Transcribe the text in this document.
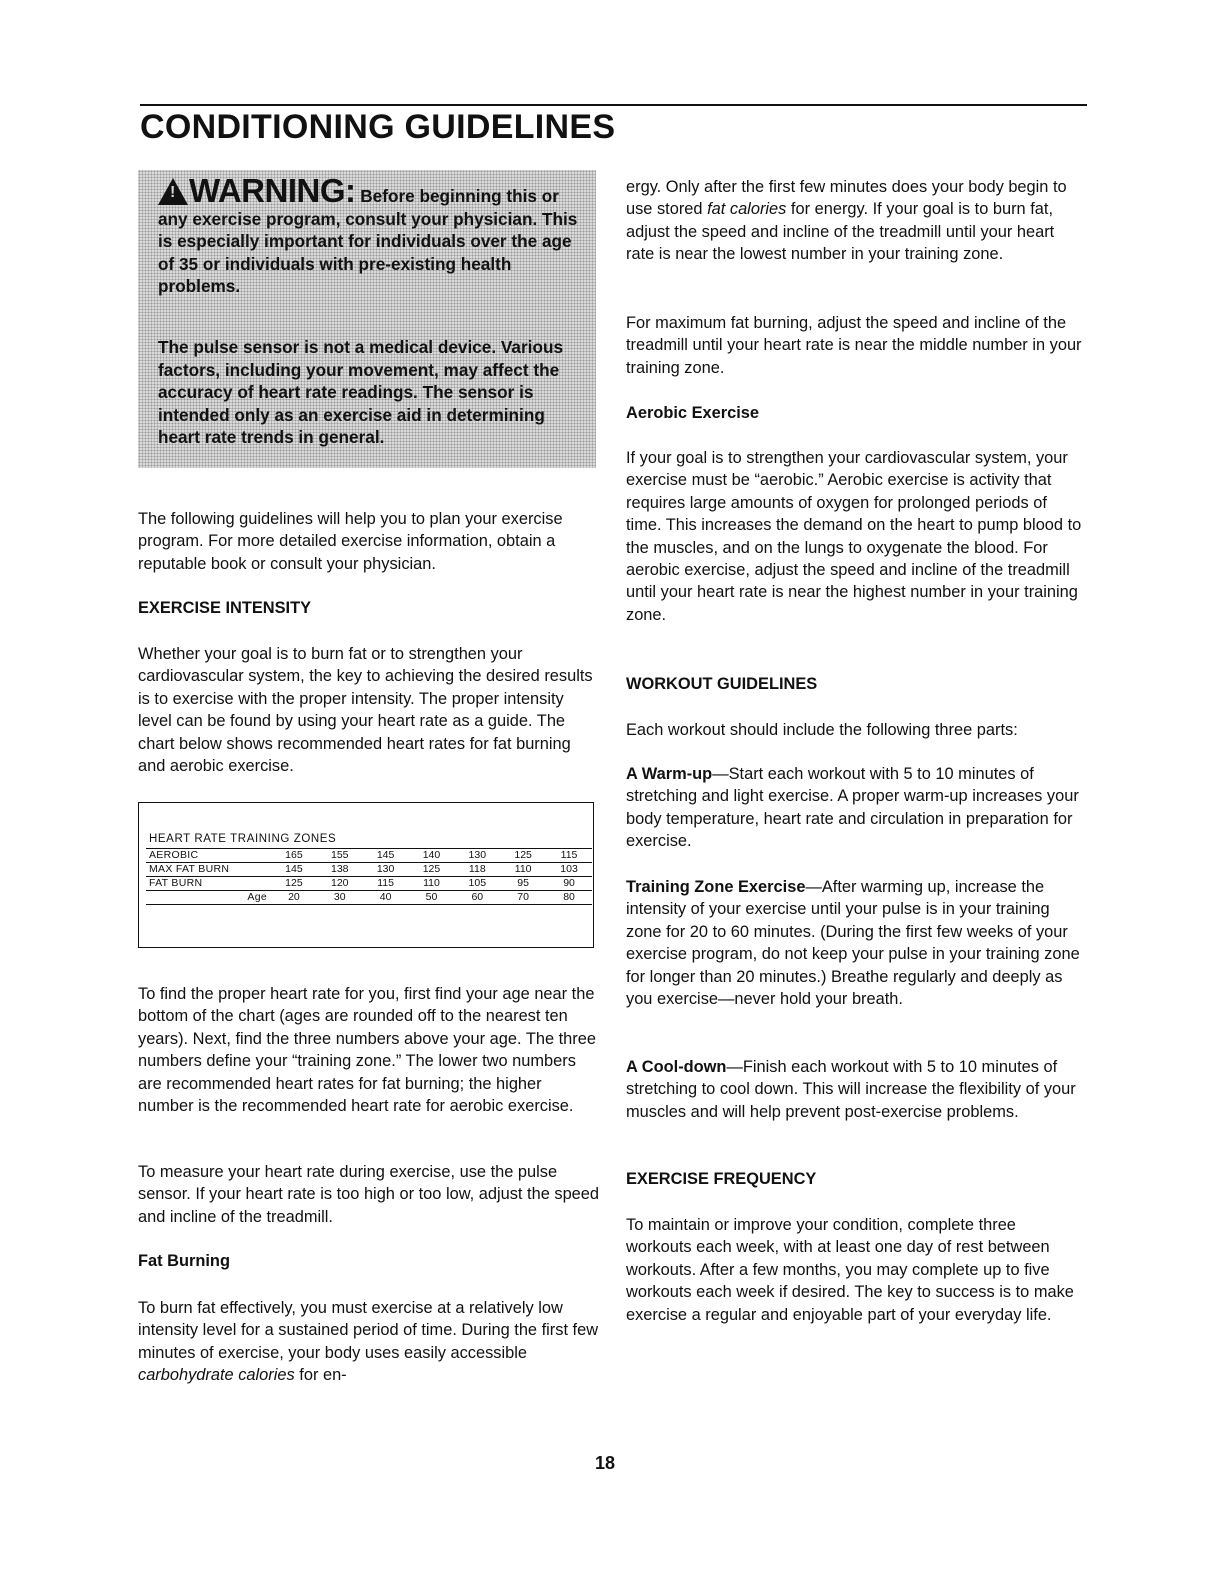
CONDITIONING GUIDELINES
!WARNING: Before beginning this or any exercise program, consult your physician. This is especially important for individuals over the age of 35 or individuals with pre-existing health problems.
The pulse sensor is not a medical device. Various factors, including your movement, may affect the accuracy of heart rate readings. The sensor is intended only as an exercise aid in determining heart rate trends in general.

The following guidelines will help you to plan your exercise program. For more detailed exercise information, obtain a reputable book or consult your physician.

EXERCISE INTENSITY

Whether your goal is to burn fat or to strengthen your cardiovascular system, the key to achieving the desired results is to exercise with the proper intensity. The proper intensity level can be found by using your heart rate as a guide. The chart below shows recommended heart rates for fat burning and aerobic exercise.

HEART RATE TRAINING ZONES
AEROBIC	165	155	145	140	130	125	115
MAX FAT BURN	145	138	130	125	118	110	103
FAT BURN	125	120	115	110	105	95	90
Age	20	30	40	50	60	70	80

To find the proper heart rate for you, first find your age near the bottom of the chart (ages are rounded off to the nearest ten years). Next, find the three numbers above your age. The three numbers define your “training zone.” The lower two numbers are recommended heart rates for fat burning; the higher number is the recommended heart rate for aerobic exercise.

To measure your heart rate during exercise, use the pulse sensor. If your heart rate is too high or too low, adjust the speed and incline of the treadmill.

Fat Burning

To burn fat effectively, you must exercise at a relatively low intensity level for a sustained period of time. During the first few minutes of exercise, your body uses easily accessible carbohydrate calories for en-

ergy. Only after the first few minutes does your body begin to use stored fat calories for energy. If your goal is to burn fat, adjust the speed and incline of the treadmill until your heart rate is near the lowest number in your training zone.

For maximum fat burning, adjust the speed and incline of the treadmill until your heart rate is near the middle number in your training zone.

Aerobic Exercise

If your goal is to strengthen your cardiovascular system, your exercise must be “aerobic.” Aerobic exercise is activity that requires large amounts of oxygen for prolonged periods of time. This increases the demand on the heart to pump blood to the muscles, and on the lungs to oxygenate the blood. For aerobic exercise, adjust the speed and incline of the treadmill until your heart rate is near the highest number in your training zone.

WORKOUT GUIDELINES

Each workout should include the following three parts:

A Warm-up—Start each workout with 5 to 10 minutes of stretching and light exercise. A proper warm-up increases your body temperature, heart rate and circulation in preparation for exercise.

Training Zone Exercise—After warming up, increase the intensity of your exercise until your pulse is in your training zone for 20 to 60 minutes. (During the first few weeks of your exercise program, do not keep your pulse in your training zone for longer than 20 minutes.) Breathe regularly and deeply as you exercise—never hold your breath.

A Cool-down—Finish each workout with 5 to 10 minutes of stretching to cool down. This will increase the flexibility of your muscles and will help prevent post-exercise problems.

EXERCISE FREQUENCY

To maintain or improve your condition, complete three workouts each week, with at least one day of rest between workouts. After a few months, you may complete up to five workouts each week if desired. The key to success is to make exercise a regular and enjoyable part of your everyday life.

18
